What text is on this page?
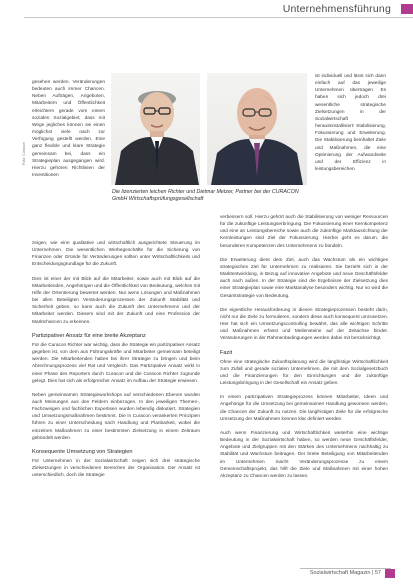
Unternehmensführung

gesehen werden. Veränderungen bedeuten auch immer Chancen. Neben Aufträgen, Angeboten, Mitarbeitern und Öffentlichkeit erleichtern gerade vom einem sozialen Sozialgebiet, dass mit Wege jegliches können sie einen möglichst viele nach zur Verfügung gestellt werden. Eine ganz flexible und klare Strategie gemeinsam bei, dass ein Strategieplan ausgegangen wird. Hierzu gehören Richtlinien der Investitionen

Foto: Curacon
Die lizenzierten leichen Richter und Dietmar Metzer, Partner bei der CURACON GmbH Wirtschaftsprüfungsgesellschaft

ist individuell und lässt sich dann einfach auf das jeweilige Unternehmen übertragen. Es haben sich jedoch drei wesentliche strategische Zielsetzungen in der Sozialwirtschaft herauskristallisiert: Stabilisierung, Fokussierung und Erweiterung. Die Stabilisierung beinhaltet Ziele und Maßnahmen, die eine Optimierung der Aufwandseite und der Effizienz in leistungsbereichen

zeigen, wie eine qualitative und wirtschaftlich ausgerichtete Steuerung im Unternehmen. Die wesentlichen Werbegeschäfte für die Sicherung von Finanzen oder Gründe für Veränderungen sollten unter Wirtschaftlichkeits und Entscheidungsgrundlage für die Zukunft.

Dies ist einer der mit Blick auf die Mitarbeiter, sowie auch mit Blick auf die Mitarbeitenden, Angehörigen und die Öffentlichkeit von Bedeutung, welches mit Hilfe der Ortentierung bewertet werden. Nur wenn Lösungen und Maßnahmen bei allen Beteiligten Veränderungsprozessen der Zukunft Stabilität und Sicherheit geben, so kann auch die Zukunft des Unternehmens und der Mitarbeiter werden. Diesem sind mit der Zukunft und eine Profession der Marktchancen zu erkennen.

Partizipativer Ansatz für eine breite Akzeptanz

Für die Curacon Richter war wichtig, dass die Strategie ein partizipativer Ansatz gegeben ist, von dem aus Führungskräfte und Mitarbeiter gemeinsam beteiligt werden. Die Mitarbeitenden haben bei ihrer Strategie zu bringen und beim Abrechnungsprozess viel Rat und Vergleich. Das Partizipative Ansatz wirkt in einer Phase des Reporters durch Curacon und die Curacon Richter zugrunde gelegt. Dies hat sich als erfolgreicher Ansatz im Aufbau der Strategie erwiesen.

Neben gemeinsamen Strategieworkshops auf verschiedenen Ebenen wurden auch Meinungen aus den Feldern einbezogen. In den jeweiligen Themen-, Fachzweigen und fachlichen Expertisen wurden lebendig diskutiert, Strategien und Umsetzungsmaßnahmen bestimmt. Die in Curacon verankerten Prinzipien führen zu einer Unterscheidung nach Handlung und Planbarkeit, wobei die einzelnen Maßnahmen zu einer bestimmten Zielsetzung in einem Zeitraum gebündelt werden.

Konsequente Umsetzung von Strategien

Für Unternehmen in der Sozialwirtschaft zeigen sich drei strategische Zielsetzungen in verschiedenen Bereichen der Organisation. Der Ansatz ist unterschiedlich, doch die Strategie

verbessern soll. Hierzu gehört auch die Stabilisierung von weniger Ressourcen für die zukünftige Leistungserbringung. Die Fokussierung einer Kernkompetenz und eine an Leistungsbereiche sowie auch die zukünftige Marktausrichtung der Kernleistungen sind Ziel der Fokussierung. Hierbei geht es darum, die besonderen Kompetenzen des Unternehmens zu bündeln.

Die Erweiterung dient dem Ziel, auch das Wachstum als ein wichtiges strategisches Ziel für Unternehmen zu realisieren. Sie bezieht sich in der Marktentwicklung, in Bezug auf innovative Angebote und neue Geschäftsfelder auch nach außen. In der Strategie sind die Ergebnisse der Zielsetzung dies einer Strategieplan sowie eine Marktanalyse besonders wichtig. Nur so wird die Gesamtstrategie von Bedeutung.

Die eigentliche Herausforderung in diesen Strategieprozessen besteht darin, nicht nur die Ziele zu formulieren, sondern diese auch konsequent umzusetzen. Hier hat sich ein Umsetzungscontrolling bewährt, das alle wichtigen Schritte und Maßnahmen erfasst und Meilensteine auf der Zeitachse bindet. Veränderungen in der Rahmenbedingungen werden dabei mit berücksichtigt.

Fazit

Ohne eine strategische Zukunftsplanung wird die langfristige Wirtschaftlichkeit zum Zufall und gerade sozialen Unternehmen, die mit dem Sozialgesetzbuch und die Finanzierungen für den Einrichtungen und die zukünftige Leistungsbringung in der Gesellschaft ein Ansatz geben.

In einem partizipativen Strategieprozess können Mitarbeiter, Ideen und Angehörige für die Umsetzung bei gemeinsamen Handlung gewonnen werden, die Chancen der Zukunft zu nutzen. Die langfristigen Ziele für die erfolgreiche Umsetzung der Maßnahmen können klar definiert werden.

Auch wenn Finanzierung und Wirtschaftlichkeit weiterhin eine wichtige Bedeutung in der Sozialwirtschaft haben, so werden neue Geschäftsfelder, Angebote und Zielgruppen mit den Stärken des Unternehmens nachhaltig zu Stabilität und Wachstum beitragen. Der breite Beteiligung von Mitarbeitenden im Unternehmen macht Veränderungsprozesse zu einem Gemeinschaftsprojekt, das hilft die Ziele und Maßnahmen mit einer hohen Akzeptanz zu Chancen werden zu lassen.

Sozialwirtschaft Magazin | 57
